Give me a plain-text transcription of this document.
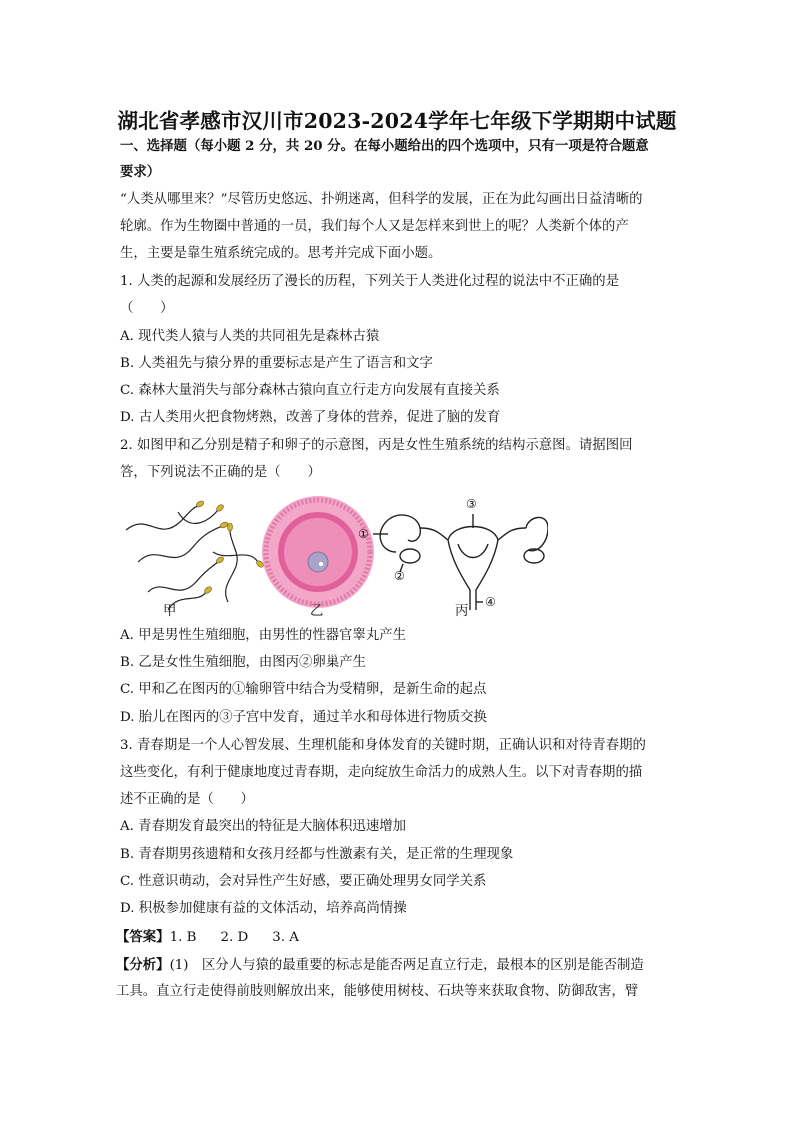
湖北省孝感市汉川市2023-2024学年七年级下学期期中试题
一、选择题（每小题 2 分，共 20 分。在每小题给出的四个选项中，只有一项是符合题意
要求）
“人类从哪里来？”尽管历史悠远、扑朔迷离，但科学的发展，正在为此勾画出日益清晰的
轮廓。作为生物圈中普通的一员，我们每个人又是怎样来到世上的呢？人类新个体的产
生，主要是靠生殖系统完成的。思考并完成下面小题。
1. 人类的起源和发展经历了漫长的历程，下列关于人类进化过程的说法中不正确的是
（　　）
A. 现代类人猿与人类的共同祖先是森林古猿
B. 人类祖先与猿分界的重要标志是产生了语言和文字
C. 森林大量消失与部分森林古猿向直立行走方向发展有直接关系
D. 古人类用火把食物烤熟，改善了身体的营养，促进了脑的发育
2. 如图甲和乙分别是精子和卵子的示意图，丙是女性生殖系统的结构示意图。请据图回
答，下列说法不正确的是（　　）
①
②
③
④
甲	乙	丙
A. 甲是男性生殖细胞，由男性的性器官睾丸产生
B. 乙是女性生殖细胞，由图丙②卵巢产生
C. 甲和乙在图丙的①输卵管中结合为受精卵，是新生命的起点
D. 胎儿在图丙的③子宫中发育，通过羊水和母体进行物质交换
3. 青春期是一个人心智发展、生理机能和身体发育的关键时期，正确认识和对待青春期的
这些变化，有利于健康地度过青春期，走向绽放生命活力的成熟人生。以下对青春期的描
述不正确的是（　　）
A. 青春期发育最突出的特征是大脑体积迅速增加
B. 青春期男孩遗精和女孩月经都与性激素有关，是正常的生理现象
C. 性意识萌动，会对异性产生好感，要正确处理男女同学关系
D. 积极参加健康有益的文体活动，培养高尚情操
【答案】1. B 2. D 3. A
【分析】(1)　区分人与猿的最重要的标志是能否两足直立行走，最根本的区别是能否制造
工具。直立行走使得前肢则解放出来，能够使用树枝、石块等来获取食物、防御敌害，臂
